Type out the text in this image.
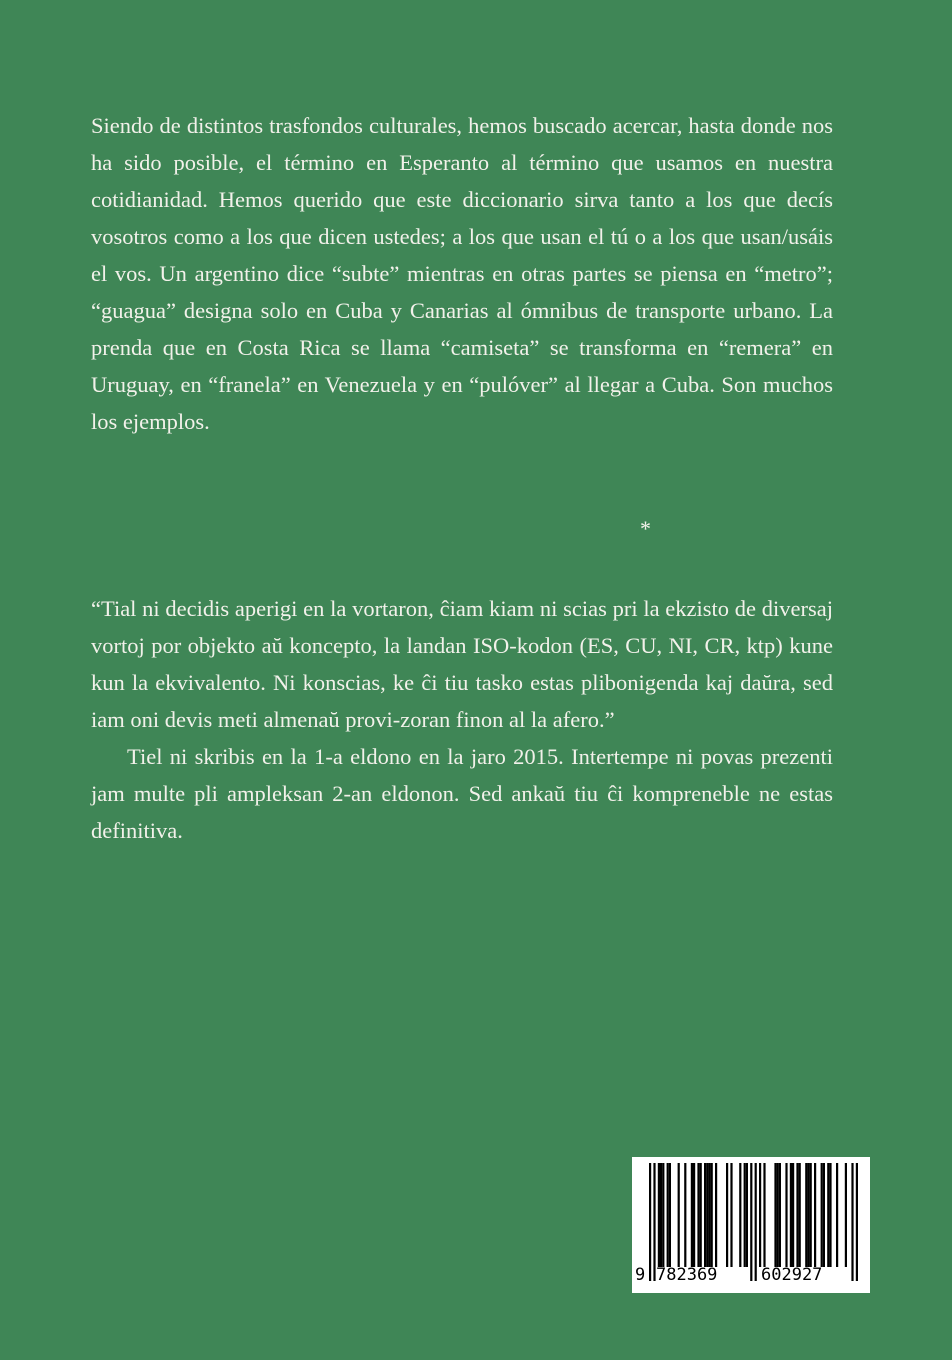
Siendo de distintos trasfondos culturales, hemos buscado acercar, hasta donde nos ha sido posible, el término en Esperanto al término que usamos en nuestra cotidianidad. Hemos querido que este diccionario sirva tanto a los que decís vosotros como a los que dicen ustedes; a los que usan el tú o a los que usan/usáis el vos. Un argentino dice “subte” mientras en otras partes se piensa en “metro”; “guagua” designa solo en Cuba y Canarias al ómnibus de transporte urbano. La prenda que en Costa Rica se llama “camiseta” se transforma en “remera” en Uruguay, en “franela” en Venezuela y en “pulóver” al llegar a Cuba. Son muchos los ejemplos.

*

“Tial ni decidis aperigi en la vortaron, ĉiam kiam ni scias pri la ekzisto de diversaj vortoj por objekto aŭ koncepto, la landan ISO-kodon (ES, CU, NI, CR, ktp) kune kun la ekvivalento. Ni konscias, ke ĉi tiu tasko estas plibonigenda kaj daŭra, sed iam oni devis meti almenaŭ provi-zoran finon al la afero.”

Tiel ni skribis en la 1-a eldono en la jaro 2015. Intertempe ni povas prezenti jam multe pli ampleksan 2-an eldonon. Sed ankaŭ tiu ĉi kompreneble ne estas definitiva.

9 782369	602927
